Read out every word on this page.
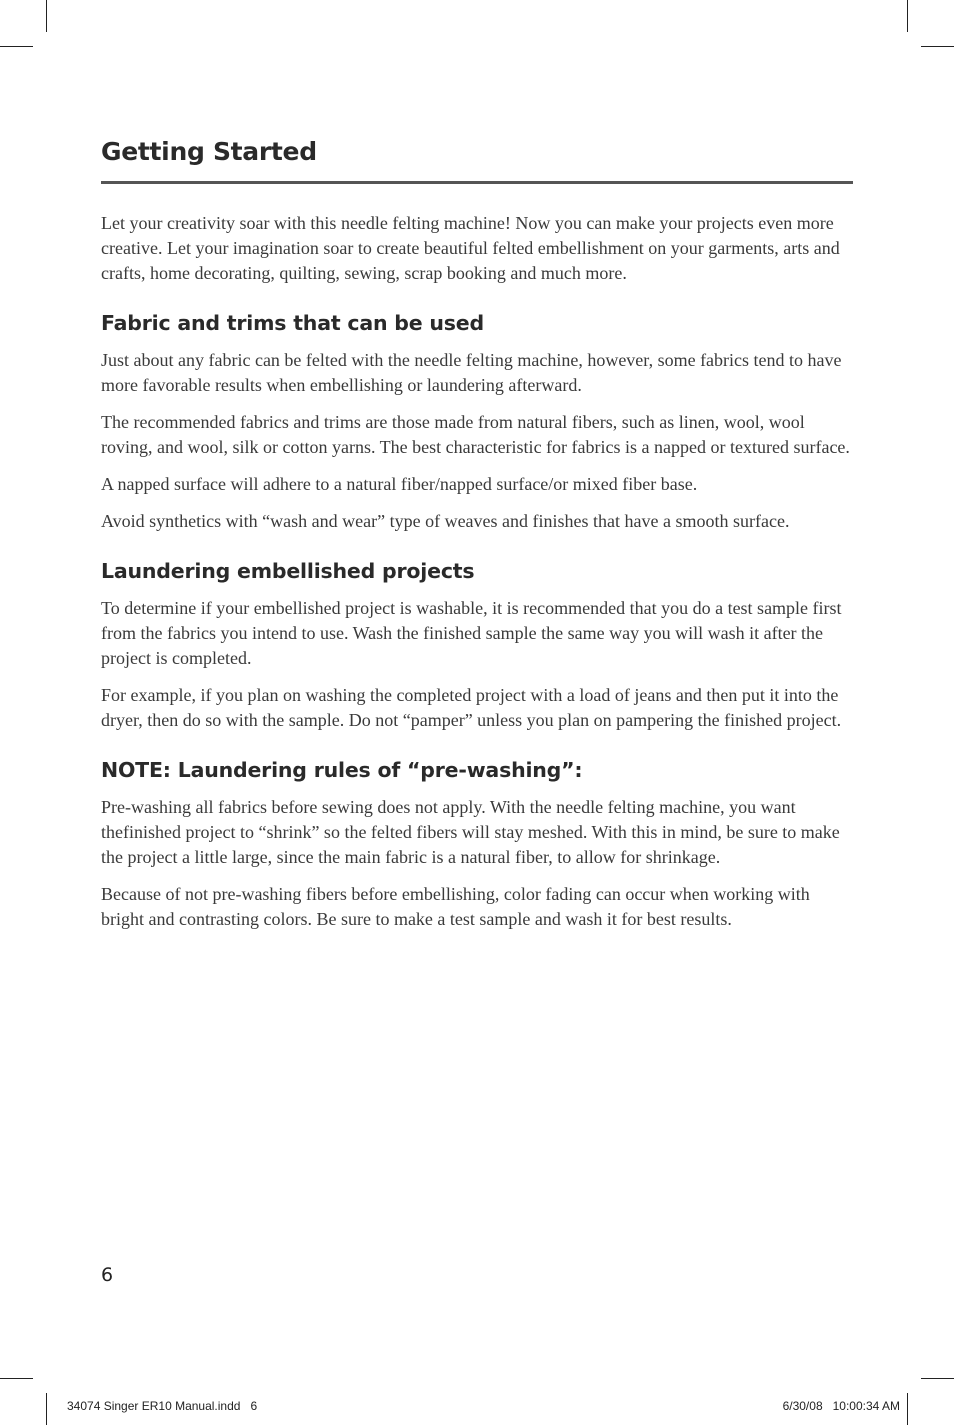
Getting Started

Let your creativity soar with this needle felting machine! Now you can make your projects even more creative. Let your imagination soar to create beautiful felted embellishment on your garments, arts and crafts, home decorating, quilting, sewing, scrap booking and much more.

Fabric and trims that can be used

Just about any fabric can be felted with the needle felting machine, however, some fabrics tend to have more favorable results when embellishing or laundering afterward.

The recommended fabrics and trims are those made from natural fibers, such as linen, wool, wool roving, and wool, silk or cotton yarns. The best characteristic for fabrics is a napped or textured surface.

A napped surface will adhere to a natural fiber/napped surface/or mixed fiber base.

Avoid synthetics with “wash and wear” type of weaves and finishes that have a smooth surface.

Laundering embellished projects

To determine if your embellished project is washable, it is recommended that you do a test sample first from the fabrics you intend to use. Wash the finished sample the same way you will wash it after the project is completed.

For example, if you plan on washing the completed project with a load of jeans and then put it into the dryer, then do so with the sample. Do not “pamper” unless you plan on pampering the finished project.

NOTE: Laundering rules of “pre-washing”:

Pre-washing all fabrics before sewing does not apply. With the needle felting machine, you want thefinished project to “shrink” so the felted fibers will stay meshed. With this in mind, be sure to make the project a little large, since the main fabric is a natural fiber, to allow for shrinkage.

Because of not pre-washing fibers before embellishing, color fading can occur when working with bright and contrasting colors. Be sure to make a test sample and wash it for best results.

6
34074 Singer ER10 Manual.indd   6	6/30/08   10:00:34 AM
